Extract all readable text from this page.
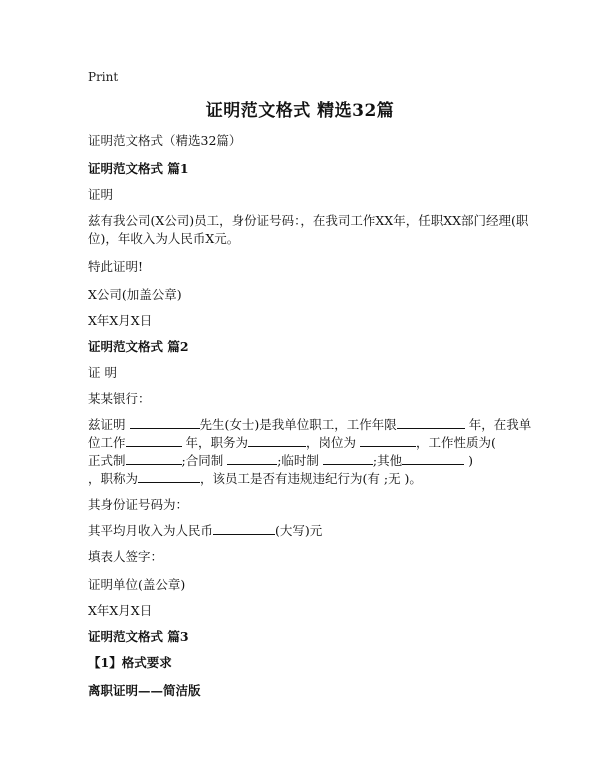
Print
证明范文格式 精选32篇
证明范文格式（精选32篇）
证明范文格式 篇1
证明
兹有我公司(X公司)员工，身份证号码：，在我司工作XX年，任职XX部门经理(职
位)，年收入为人民币X元。
特此证明!
X公司(加盖公章)
X年X月X日
证明范文格式 篇2
证 明
某某银行：
兹证明	先生(女士)是我单位职工，工作年限	年，在我单
位工作	年，职务为	，岗位为	，工作性质为(
正式制	;合同制	;临时制	;其他	)
，职称为	，该员工是否有违规违纪行为(有 ;无 )。
其身份证号码为：
其平均月收入为人民币	(大写)元
填表人签字：
证明单位(盖公章)
X年X月X日
证明范文格式 篇3
【1】格式要求
离职证明——简洁版
